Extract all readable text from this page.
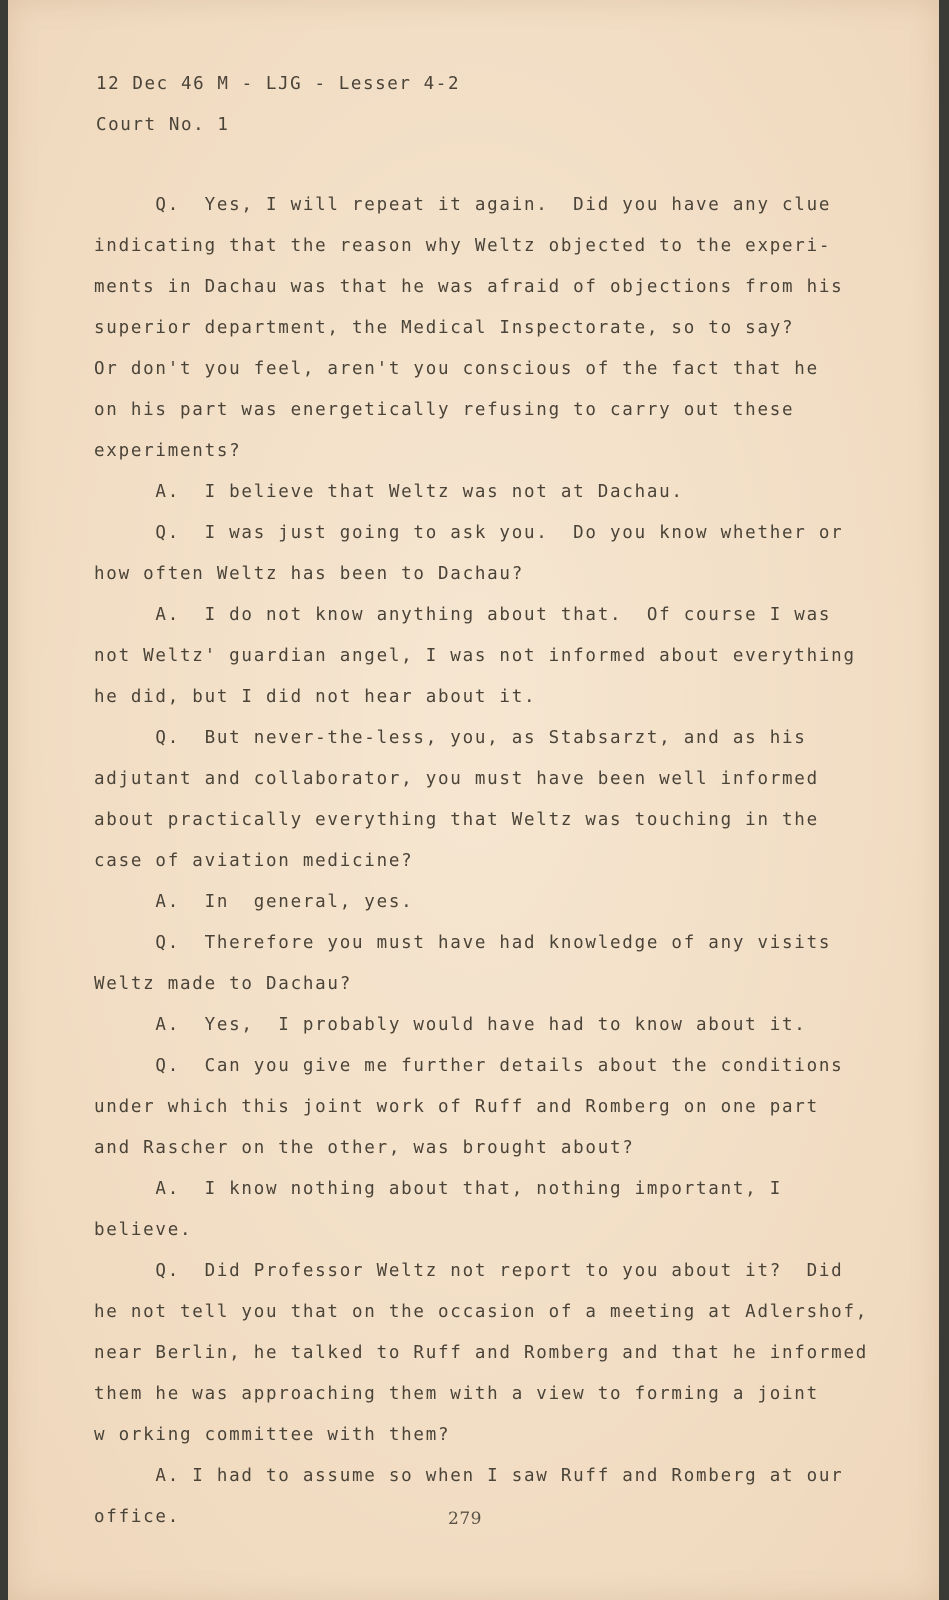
12 Dec 46 M - LJG - Lesser 4-2
Court No. 1
Q.  Yes, I will repeat it again.  Did you have any clue
indicating that the reason why Weltz objected to the experi-
ments in Dachau was that he was afraid of objections from his
superior department, the Medical Inspectorate, so to say?
Or don't you feel, aren't you conscious of the fact that he
on his part was energetically refusing to carry out these
experiments?
A.  I believe that Weltz was not at Dachau.
Q.  I was just going to ask you.  Do you know whether or
how often Weltz has been to Dachau?
A.  I do not know anything about that.  Of course I was
not Weltz' guardian angel, I was not informed about everything
he did, but I did not hear about it.
Q.  But never-the-less, you, as Stabsarzt, and as his
adjutant and collaborator, you must have been well informed
about practically everything that Weltz was touching in the
case of aviation medicine?
A.  In  general, yes.
Q.  Therefore you must have had knowledge of any visits
Weltz made to Dachau?
A.  Yes,  I probably would have had to know about it.
Q.  Can you give me further details about the conditions
under which this joint work of Ruff and Romberg on one part
and Rascher on the other, was brought about?
A.  I know nothing about that, nothing important, I
believe.
Q.  Did Professor Weltz not report to you about it?  Did
he not tell you that on the occasion of a meeting at Adlershof,
near Berlin, he talked to Ruff and Romberg and that he informed
them he was approaching them with a view to forming a joint
w orking committee with them?
A. I had to assume so when I saw Ruff and Romberg at our
office.	279
